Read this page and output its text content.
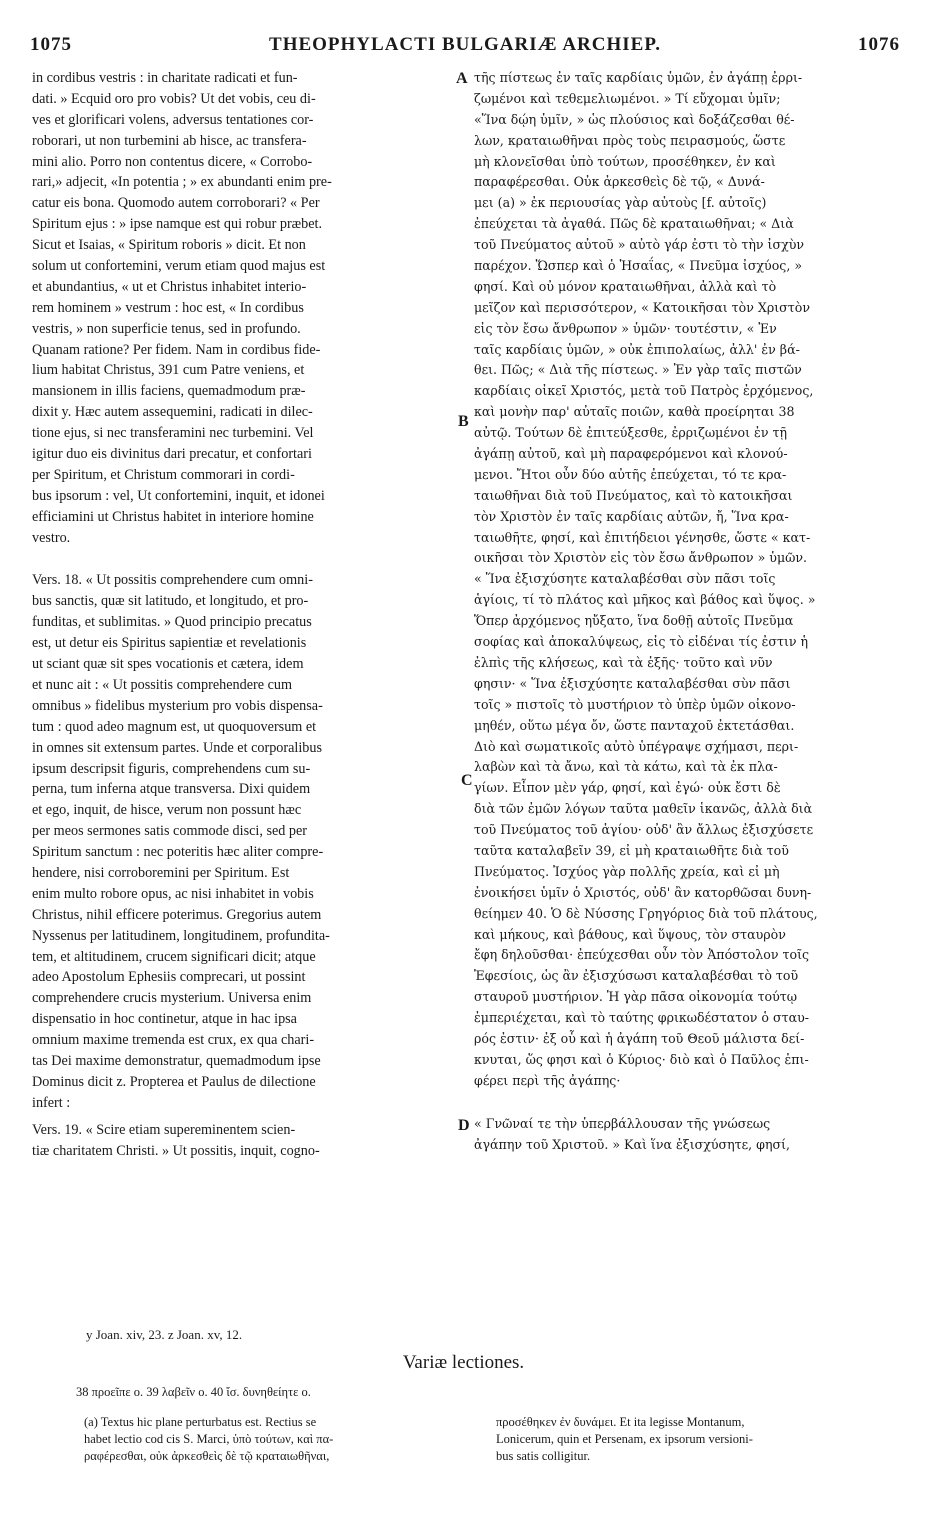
1075	THEOPHYLACTI BULGARIÆ ARCHIEP.	1076
in cordibus vestris : in charitate radicati et fun-
dati. » Ecquid oro pro vobis? Ut det vobis, ceu di-
ves et glorificari volens, adversus tentationes cor-
roborari, ut non turbemini ab hisce, ac transfera-
mini alio. Porro non contentus dicere, « Corrobo-
rari,» adjecit, «In potentia ; » ex abundanti enim pre-
catur eis bona. Quomodo autem corroborari? « Per
Spiritum ejus : » ipse namque est qui robur præbet.
Sicut et Isaias, « Spiritum roboris » dicit. Et non
solum ut confortemini, verum etiam quod majus est
et abundantius, « ut et Christus inhabitet interio-
rem hominem » vestrum : hoc est, « In cordibus
vestris, » non superficie tenus, sed in profundo.
Quanam ratione? Per fidem. Nam in cordibus fide-
lium habitat Christus, 391 cum Patre veniens, et
mansionem in illis faciens, quemadmodum præ-
dixit y. Hæc autem assequemini, radicati in dilec-
tione ejus, si nec transferamini nec turbemini. Vel
igitur duo eis divinitus dari precatur, et confortari
per Spiritum, et Christum commorari in cordi-
bus ipsorum : vel, Ut confortemini, inquit, et idonei
efficiamini ut Christus habitet in interiore homine
vestro.
Vers. 18. « Ut possitis comprehendere cum omni-
bus sanctis, quæ sit latitudo, et longitudo, et pro-
funditas, et sublimitas. » Quod principio precatus
est, ut detur eis Spiritus sapientiæ et revelationis
ut sciant quæ sit spes vocationis et cætera, idem
et nunc ait : « Ut possitis comprehendere cum
omnibus » fidelibus mysterium pro vobis dispensa-
tum : quod adeo magnum est, ut quoquoversum et
in omnes sit extensum partes. Unde et corporalibus
ipsum descripsit figuris, comprehendens cum su-
perna, tum inferna atque transversa. Dixi quidem
et ego, inquit, de hisce, verum non possunt hæc
per meos sermones satis commode disci, sed per
Spiritum sanctum : nec poteritis hæc aliter compre-
hendere, nisi corroboremini per Spiritum. Est
enim multo robore opus, ac nisi inhabitet in vobis
Christus, nihil efficere poterimus. Gregorius autem
Nyssenus per latitudinem, longitudinem, profundita-
tem, et altitudinem, crucem significari dicit; atque
adeo Apostolum Ephesiis comprecari, ut possint
comprehendere crucis mysterium. Universa enim
dispensatio in hoc continetur, atque in hac ipsa
omnium maxime tremenda est crux, ex qua chari-
tas Dei maxime demonstratur, quemadmodum ipse
Dominus dicit z. Propterea et Paulus de dilectione
infert :
Vers. 19. « Scire etiam supereminentem scien-
tiæ charitatem Christi. » Ut possitis, inquit, cogno-
τῆς πίστεως ἐν ταῖς καρδίαις ὑμῶν, ἐν ἀγάπῃ ἐρρι-
ζωμένοι καὶ τεθεμελιωμένοι. » Τί εὔχομαι ὑμῖν;
«Ἵνα δῴη ὑμῖν, » ὡς πλούσιος καὶ δοξάζεσθαι θέ-
λων, κραταιωθῆναι πρὸς τοὺς πειρασμούς, ὥστε
μὴ κλονεῖσθαι ὑπὸ τούτων, προσέθηκεν, ἐν καὶ
παραφέρεσθαι. Οὐκ ἀρκεσθεὶς δὲ τῷ, « Δυνά-
μει (a) » ἐκ περιουσίας γὰρ αὐτοὺς [f. αὐτοῖς)
ἐπεύχεται τὰ ἀγαθά. Πῶς δὲ κραταιωθῆναι; « Διὰ
τοῦ Πνεύματος αὐτοῦ » αὐτὸ γάρ ἐστι τὸ τὴν ἰσχὺν
παρέχον. Ὥσπερ καὶ ὁ Ἡσαΐας, « Πνεῦμα ἰσχύος, »
φησί. Καὶ οὐ μόνον κραταιωθῆναι, ἀλλὰ καὶ τὸ
μεῖζον καὶ περισσότερον, « Κατοικῆσαι τὸν Χριστὸν
εἰς τὸν ἔσω ἄνθρωπον » ὑμῶν· τουτέστιν, « Ἐν
ταῖς καρδίαις ὑμῶν, » οὐκ ἐπιπολαίως, ἀλλ' ἐν βά-
θει. Πῶς; « Διὰ τῆς πίστεως. » Ἐν γὰρ ταῖς πιστῶν
καρδίαις οἰκεῖ Χριστός, μετὰ τοῦ Πατρὸς ἐρχόμενος,
καὶ μονὴν παρ' αὐταῖς ποιῶν, καθὰ προείρηται 38
αὐτῷ. Τούτων δὲ ἐπιτεύξεσθε, ἐρριζωμένοι ἐν τῇ
ἀγάπῃ αὐτοῦ, καὶ μὴ παραφερόμενοι καὶ κλονού-
μενοι. Ἤτοι οὖν δύο αὐτῆς ἐπεύχεται, τό τε κρα-
ταιωθῆναι διὰ τοῦ Πνεύματος, καὶ τὸ κατοικῆσαι
τὸν Χριστὸν ἐν ταῖς καρδίαις αὐτῶν, ἤ, Ἵνα κρα-
ταιωθῆτε, φησί, καὶ ἐπιτήδειοι γένησθε, ὥστε « κατ-
οικῆσαι τὸν Χριστὸν εἰς τὸν ἔσω ἄνθρωπον » ὑμῶν.
« Ἵνα ἐξισχύσητε καταλαβέσθαι σὺν πᾶσι τοῖς
ἁγίοις, τί τὸ πλάτος καὶ μῆκος καὶ βάθος καὶ ὕψος. »
Ὅπερ ἀρχόμενος ηὔξατο, ἵνα δοθῇ αὐτοῖς Πνεῦμα
σοφίας καὶ ἀποκαλύψεως, εἰς τὸ εἰδέναι τίς ἐστιν ἡ
ἐλπὶς τῆς κλήσεως, καὶ τὰ ἑξῆς· τοῦτο καὶ νῦν
φησιν· « Ἵνα ἐξισχύσητε καταλαβέσθαι σὺν πᾶσι
τοῖς » πιστοῖς τὸ μυστήριον τὸ ὑπὲρ ὑμῶν οἰκονο-
μηθέν, οὕτω μέγα ὄν, ὥστε πανταχοῦ ἐκτετάσθαι.
Διὸ καὶ σωματικοῖς αὐτὸ ὑπέγραψε σχήμασι, περι-
λαβὼν καὶ τὰ ἄνω, καὶ τὰ κάτω, καὶ τὰ ἐκ πλα-
γίων. Εἶπον μὲν γάρ, φησί, καὶ ἐγώ· οὐκ ἔστι δὲ
διὰ τῶν ἐμῶν λόγων ταῦτα μαθεῖν ἱκανῶς, ἀλλὰ διὰ
τοῦ Πνεύματος τοῦ ἁγίου· οὐδ' ἂν ἄλλως ἐξισχύσετε
ταῦτα καταλαβεῖν 39, εἰ μὴ κραταιωθῆτε διὰ τοῦ
Πνεύματος. Ἰσχύος γὰρ πολλῆς χρεία, καὶ εἰ μὴ
ἐνοικήσει ὑμῖν ὁ Χριστός, οὐδ' ἂν κατορθῶσαι δυνη-
θείημεν 40. Ὁ δὲ Νύσσης Γρηγόριος διὰ τοῦ πλάτους,
καὶ μήκους, καὶ βάθους, καὶ ὕψους, τὸν σταυρὸν
ἔφη δηλοῦσθαι· ἐπεύχεσθαι οὖν τὸν Ἀπόστολον τοῖς
Ἐφεσίοις, ὡς ἂν ἐξισχύσωσι καταλαβέσθαι τὸ τοῦ
σταυροῦ μυστήριον. Ἡ γὰρ πᾶσα οἰκονομία τούτῳ
ἐμπεριέχεται, καὶ τὸ ταύτης φρικωδέστατον ὁ σταυ-
ρός ἐστιν· ἐξ οὗ καὶ ἡ ἀγάπη τοῦ Θεοῦ μάλιστα δεί-
κνυται, ὥς φησι καὶ ὁ Κύριος· διὸ καὶ ὁ Παῦλος ἐπι-
φέρει περὶ τῆς ἀγάπης·
« Γνῶναί τε τὴν ὑπερβάλλουσαν τῆς γνώσεως
ἀγάπην τοῦ Χριστοῦ. » Καὶ ἵνα ἐξισχύσητε, φησί,
A
B
C
D
y Joan. xiv, 23. z Joan. xv, 12.
Variæ lectiones.
38 προεῖπε o. 39 λαβεῖν o. 40 ἴσ. δυνηθείητε o.
(a) Textus hic plane perturbatus est. Rectius se
habet lectio cod cis S. Marci, ὑπὸ τούτων, καὶ πα-
ραφέρεσθαι, οὐκ ἀρκεσθεὶς δὲ τῷ κραταιωθῆναι,
προσέθηκεν ἐν δυνάμει. Et ita legisse Montanum,
Lonicerum, quin et Persenam, ex ipsorum versioni-
bus satis colligitur.
